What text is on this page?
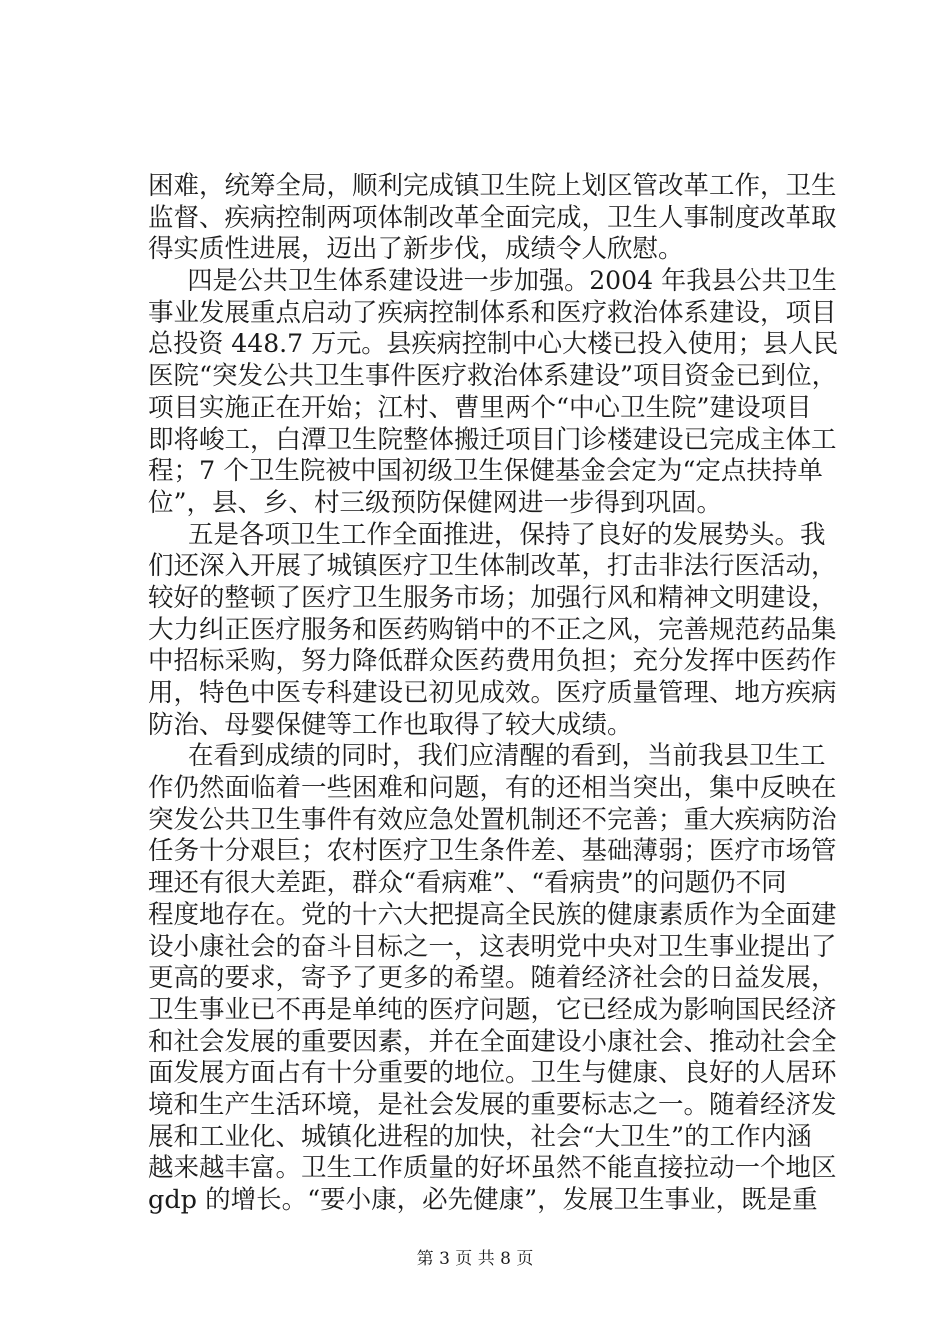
困难，统筹全局，顺利完成镇卫生院上划区管改革工作，卫生
监督、疾病控制两项体制改革全面完成，卫生人事制度改革取
得实质性进展，迈出了新步伐，成绩令人欣慰。
四是公共卫生体系建设进一步加强。2004 年我县公共卫生
事业发展重点启动了疾病控制体系和医疗救治体系建设，项目
总投资 448.7 万元。县疾病控制中心大楼已投入使用；县人民
医院“突发公共卫生事件医疗救治体系建设”项目资金已到位，
项目实施正在开始；江村、曹里两个“中心卫生院”建设项目
即将峻工，白潭卫生院整体搬迁项目门诊楼建设已完成主体工
程；7 个卫生院被中国初级卫生保健基金会定为“定点扶持单
位”，县、乡、村三级预防保健网进一步得到巩固。
五是各项卫生工作全面推进，保持了良好的发展势头。我
们还深入开展了城镇医疗卫生体制改革，打击非法行医活动，
较好的整顿了医疗卫生服务市场；加强行风和精神文明建设，
大力纠正医疗服务和医药购销中的不正之风，完善规范药品集
中招标采购，努力降低群众医药费用负担；充分发挥中医药作
用，特色中医专科建设已初见成效。医疗质量管理、地方疾病
防治、母婴保健等工作也取得了较大成绩。
在看到成绩的同时，我们应清醒的看到，当前我县卫生工
作仍然面临着一些困难和问题，有的还相当突出，集中反映在
突发公共卫生事件有效应急处置机制还不完善；重大疾病防治
任务十分艰巨；农村医疗卫生条件差、基础薄弱；医疗市场管
理还有很大差距，群众“看病难”、“看病贵”的问题仍不同
程度地存在。党的十六大把提高全民族的健康素质作为全面建
设小康社会的奋斗目标之一，这表明党中央对卫生事业提出了
更高的要求，寄予了更多的希望。随着经济社会的日益发展，
卫生事业已不再是单纯的医疗问题，它已经成为影响国民经济
和社会发展的重要因素，并在全面建设小康社会、推动社会全
面发展方面占有十分重要的地位。卫生与健康、良好的人居环
境和生产生活环境，是社会发展的重要标志之一。随着经济发
展和工业化、城镇化进程的加快，社会“大卫生”的工作内涵
越来越丰富。卫生工作质量的好坏虽然不能直接拉动一个地区
gdp 的增长。“要小康，必先健康”，发展卫生事业，既是重
第 3 页 共 8 页
